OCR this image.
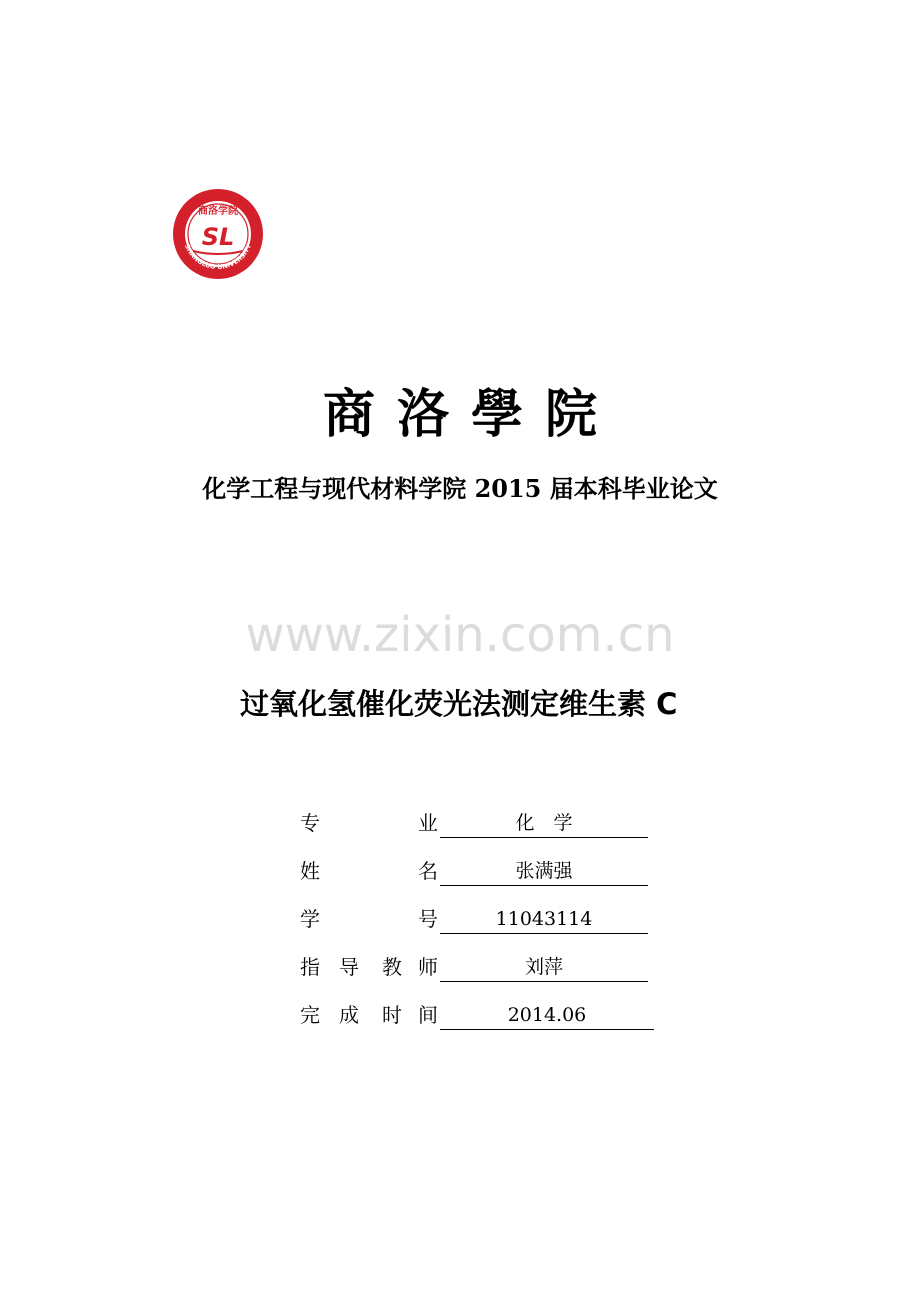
商洛学院
SL
SHANGLUO UNIVERSITY
商洛學院
化学工程与现代材料学院 2015 届本科毕业论文
www.zixin.com.cn
过氧化氢催化荧光法测定维生素 C
专	业	化　学
姓	名	张满强
学	号	11043114
指 导 教 师	刘萍
完 成 时 间	2014.06
